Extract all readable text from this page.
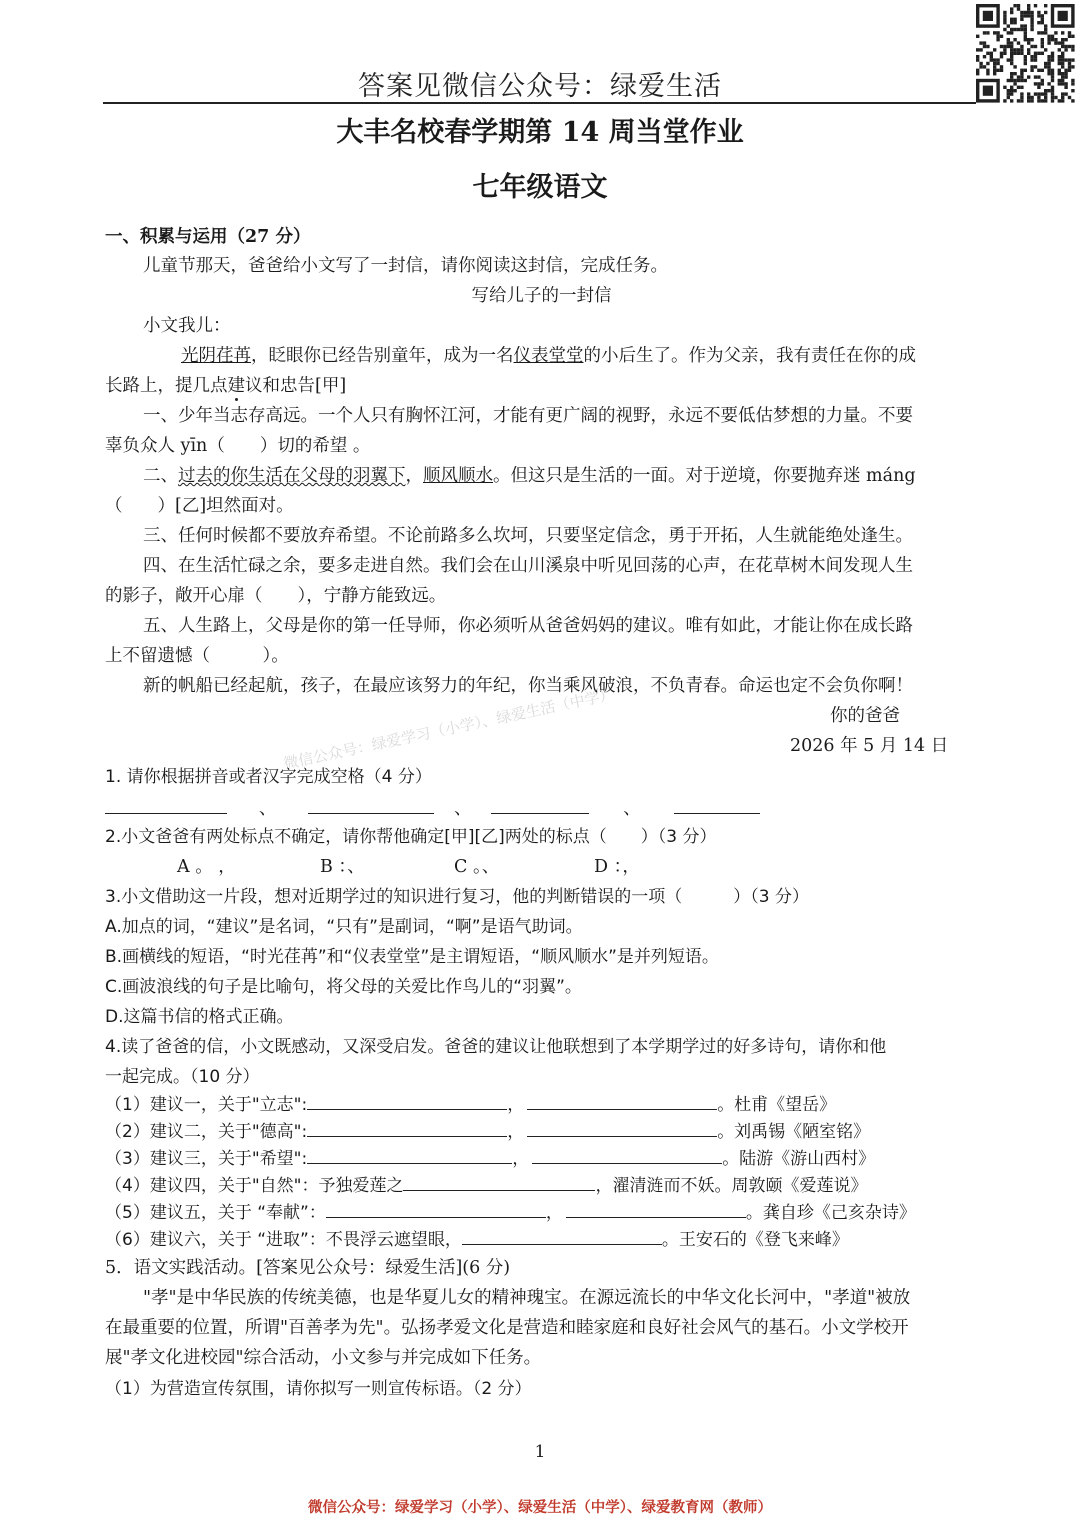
答案见微信公众号：绿爱生活
大丰名校春学期第 14 周当堂作业
七年级语文
一、积累与运用（27 分）
儿童节那天，爸爸给小文写了一封信，请你阅读这封信，完成任务。
写给儿子的一封信
小文我儿：
光阴荏苒，眨眼你已经告别童年，成为一名仪表堂堂的小后生了。作为父亲，我有责任在你的成
长路上，提几点建议和忠告[甲]
一、少年当志存高远。一个人只有胸怀江河，才能有更广阔的视野，永远不要低估梦想的力量。不要
辜负众人 yīn（　　）切的希望 。
二、过去的你生活在父母的羽翼下，顺风顺水。但这只是生活的一面。对于逆境，你要抛弃迷 máng
（　　）[乙]坦然面对。
三、任何时候都不要放弃希望。不论前路多么坎坷，只要坚定信念，勇于开拓，人生就能绝处逢生。
四、在生活忙碌之余，要多走进自然。我们会在山川溪泉中听见回荡的心声，在花草树木间发现人生
的影子，敞开心扉（　　），宁静方能致远。
五、人生路上，父母是你的第一任导师，你必须听从爸爸妈妈的建议。唯有如此，才能让你在成长路
上不留遗憾（　　　）。
新的帆船已经起航，孩子，在最应该努力的年纪，你当乘风破浪，不负青春。命运也定不会负你啊！
你的爸爸
2026 年 5 月 14 日
微信公众号：绿爱学习（小学）、绿爱生活（中学）
1. 请你根据拼音或者汉字完成空格（4 分）
、	、	、
2.小文爸爸有两处标点不确定，请你帮他确定[甲][乙]两处的标点（　　）（3 分）
A 。 ，	B ：、	C 。、	D ：，
3.小文借助这一片段，想对近期学过的知识进行复习，他的判断错误的一项（　　　）（3 分）
A.加点的词，“建议”是名词，“只有”是副词，“啊”是语气助词。
B.画横线的短语，“时光荏苒”和“仪表堂堂”是主谓短语，“顺风顺水”是并列短语。
C.画波浪线的句子是比喻句，将父母的关爱比作鸟儿的“羽翼”。
D.这篇书信的格式正确。
4.读了爸爸的信，小文既感动，又深受启发。爸爸的建议让他联想到了本学期学过的好多诗句，请你和他
一起完成。（10 分）
（1）建议一，关于"立志":	，	。杜甫《望岳》
（2）建议二，关于"德高":	，	。刘禹锡《陋室铭》
（3）建议三，关于"希望":	，	。陆游《游山西村》
（4）建议四，关于"自然"：予独爱莲之	，濯清涟而不妖。周敦颐《爱莲说》
（5）建议五，关于 “奉献”：	，	。龚自珍《己亥杂诗》
（6）建议六，关于 “进取”：不畏浮云遮望眼，	。王安石的《登飞来峰》
5．语文实践活动。[答案见公众号：绿爱生活](6 分)
"孝"是中华民族的传统美德，也是华夏儿女的精神瑰宝。在源远流长的中华文化长河中，"孝道"被放
在最重要的位置，所谓"百善孝为先"。弘扬孝爱文化是营造和睦家庭和良好社会风气的基石。小文学校开
展"孝文化进校园"综合活动，小文参与并完成如下任务。
（1）为营造宣传氛围，请你拟写一则宣传标语。（2 分）
1
微信公众号：绿爱学习（小学）、绿爱生活（中学）、绿爱教育网（教师）
